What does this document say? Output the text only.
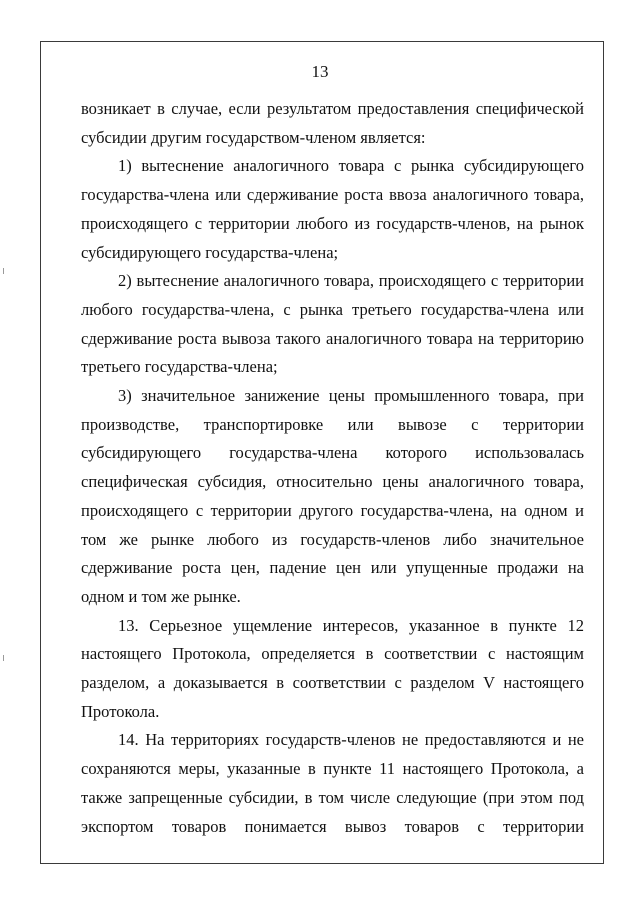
13

возникает в случае, если результатом предоставления специфической субсидии другим государством-членом является:

1) вытеснение аналогичного товара с рынка субсидирующего государства-члена или сдерживание роста ввоза аналогичного товара, происходящего с территории любого из государств-членов, на рынок субсидирующего государства-члена;

2) вытеснение аналогичного товара, происходящего с территории любого государства-члена, с рынка третьего государства-члена или сдерживание роста вывоза такого аналогичного товара на территорию третьего государства-члена;

3) значительное занижение цены промышленного товара, при производстве, транспортировке или вывозе с территории субсидирующего государства-члена которого использовалась специфическая субсидия, относительно цены аналогичного товара, происходящего с территории другого государства-члена, на одном и том же рынке любого из государств-членов либо значительное сдерживание роста цен, падение цен или упущенные продажи на одном и том же рынке.

13. Серьезное ущемление интересов, указанное в пункте 12 настоящего Протокола, определяется в соответствии с настоящим разделом, а доказывается в соответствии с разделом V настоящего Протокола.

14. На территориях государств-членов не предоставляются и не сохраняются меры, указанные в пункте 11 настоящего Протокола, а также запрещенные субсидии, в том числе следующие (при этом под экспортом товаров понимается вывоз товаров с территории
